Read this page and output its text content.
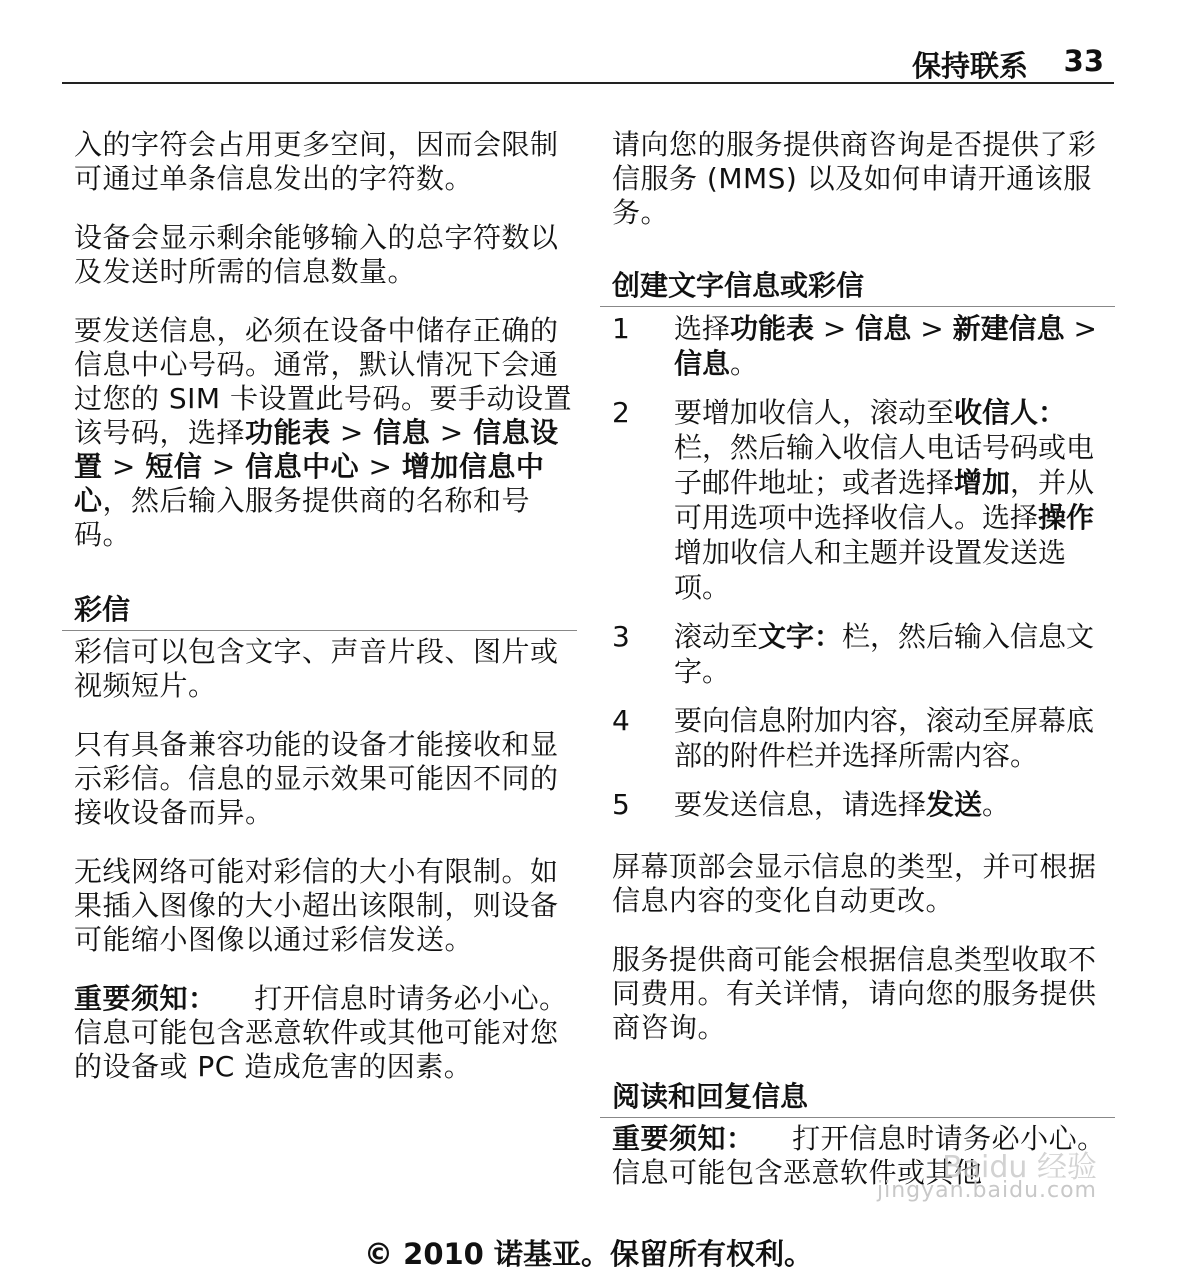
保持联系 33

入的字符会占用更多空间，因而会限制可通过单条信息发出的字符数。

设备会显示剩余能够输入的总字符数以及发送时所需的信息数量。

要发送信息，必须在设备中储存正确的信息中心号码。通常，默认情况下会通过您的 SIM 卡设置此号码。要手动设置该号码，选择功能表 > 信息 > 信息设置 > 短信 > 信息中心 > 增加信息中心，然后输入服务提供商的名称和号码。

彩信

彩信可以包含文字、声音片段、图片或视频短片。

只有具备兼容功能的设备才能接收和显示彩信。信息的显示效果可能因不同的接收设备而异。

无线网络可能对彩信的大小有限制。如果插入图像的大小超出该限制，则设备可能缩小图像以通过彩信发送。

重要须知： 打开信息时请务必小心。信息可能包含恶意软件或其他可能对您的设备或 PC 造成危害的因素。

请向您的服务提供商咨询是否提供了彩信服务 (MMS) 以及如何申请开通该服务。

创建文字信息或彩信
1	选择功能表 > 信息 > 新建信息 > 信息。
2	要增加收信人，滚动至收信人：栏，然后输入收信人电话号码或电子邮件地址；或者选择增加，并从可用选项中选择收信人。选择操作增加收信人和主题并设置发送选项。
3	滚动至文字：栏，然后输入信息文字。
4	要向信息附加内容，滚动至屏幕底部的附件栏并选择所需内容。
5	要发送信息，请选择发送。

屏幕顶部会显示信息的类型，并可根据信息内容的变化自动更改。

服务提供商可能会根据信息类型收取不同费用。有关详情，请向您的服务提供商咨询。

阅读和回复信息

重要须知： 打开信息时请务必小心。信息可能包含恶意软件或其他

Baidu 经验
jingyan.baidu.com
© 2010 诺基亚。保留所有权利。
